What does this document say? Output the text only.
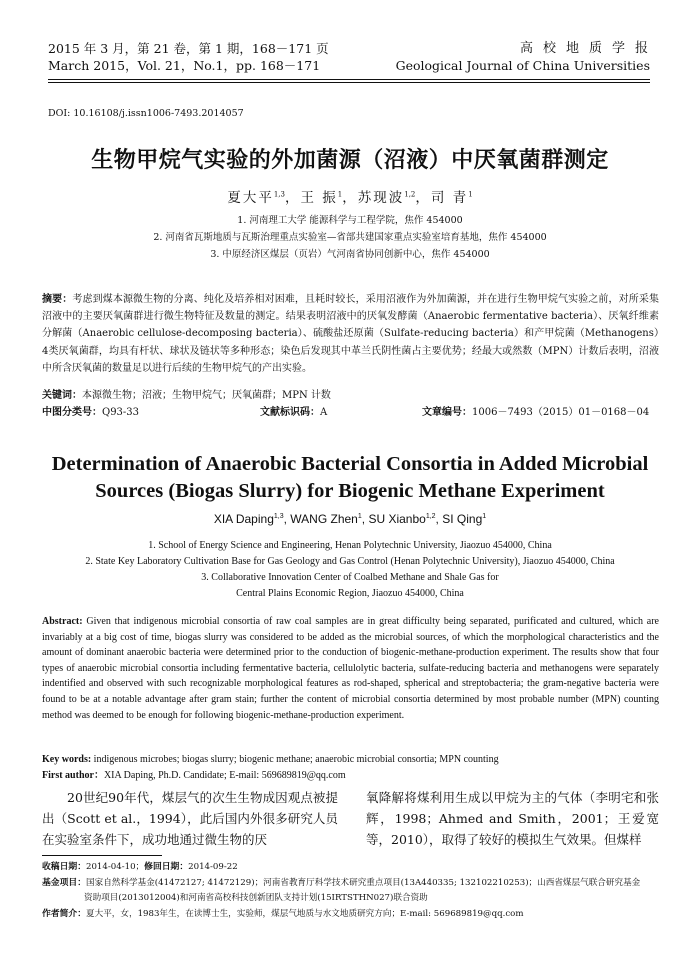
2015 年 3 月，第 21 卷，第 1 期，168－171 页
March 2015，Vol. 21，No.1，pp. 168－171
高校地质学报
Geological Journal of China Universities
DOI: 10.16108/j.issn1006-7493.2014057
生物甲烷气实验的外加菌源（沼液）中厌氧菌群测定
夏大平$^{1,3}$，王 振$^1$，苏现波$^{1,2}$，司 青$^1$
1. 河南理工大学 能源科学与工程学院，焦作 454000
2. 河南省瓦斯地质与瓦斯治理重点实验室—省部共建国家重点实验室培育基地，焦作 454000
3. 中原经济区煤层（页岩）气河南省协同创新中心，焦作 454000
摘要：考虑到煤本源微生物的分离、纯化及培养相对困难，且耗时较长，采用沼液作为外加菌源，并在进行生物甲烷气实验之前，对所采集沼液中的主要厌氧菌群进行微生物特征及数量的测定。结果表明沼液中的厌氧发酵菌（Anaerobic fermentative bacteria）、厌氧纤维素分解菌（Anaerobic cellulose-decomposing bacteria）、硫酸盐还原菌（Sulfate-reducing bacteria）和产甲烷菌（Methanogens）4类厌氧菌群，均具有杆状、球状及链状等多种形态；染色后发现其中革兰氏阴性菌占主要优势；经最大或然数（MPN）计数后表明，沼液中所含厌氧菌的数量足以进行后续的生物甲烷气的产出实验。
关键词：本源微生物；沼液；生物甲烷气；厌氧菌群；MPN 计数
中图分类号：Q93-33	文献标识码：A	文章编号：1006－7493（2015）01－0168－04
Determination of Anaerobic Bacterial Consortia in Added Microbial Sources (Biogas Slurry) for Biogenic Methane Experiment
XIA Daping$^{1,3}$, WANG Zhen$^1$, SU Xianbo$^{1,2}$, SI Qing$^1$
1. School of Energy Science and Engineering, Henan Polytechnic University, Jiaozuo 454000, China
2. State Key Laboratory Cultivation Base for Gas Geology and Gas Control (Henan Polytechnic University), Jiaozuo 454000, China
3. Collaborative Innovation Center of Coalbed Methane and Shale Gas for
Central Plains Economic Region, Jiaozuo 454000, China
Abstract: Given that indigenous microbial consortia of raw coal samples are in great difficulty being separated, purificated and cultured, which are invariably at a big cost of time, biogas slurry was considered to be added as the microbial sources, of which the morphological characteristics and the amount of dominant anaerobic bacteria were determined prior to the conduction of biogenic-methane-production experiment. The results show that four types of anaerobic microbial consortia including fermentative bacteria, cellulolytic bacteria, sulfate-reducing bacteria and methanogens were separately indentified and observed with such recognizable morphological features as rod-shaped, spherical and streptobacteria; the gram-negative bacteria were found to be at a notable advantage after gram stain; further the content of microbial consortia determined by most probable number (MPN) counting method was deemed to be enough for following biogenic-methane-production experiment.
Key words: indigenous microbes; biogas slurry; biogenic methane; anaerobic microbial consortia; MPN counting
First author：XIA Daping, Ph.D. Candidate; E-mail: 569689819@qq.com
20世纪90年代，煤层气的次生生物成因观点被提出（Scott et al.，1994），此后国内外很多研究人员在实验室条件下，成功地通过微生物的厌
氧降解将煤利用生成以甲烷为主的气体（李明宅和张辉，1998；Ahmed and Smith，2001；王爱宽等，2010），取得了较好的模拟生气效果。但煤样

收稿日期：2014-04-10；修回日期：2014-09-22

基金项目：国家自然科学基金(41472127; 41472129)；河南省教育厅科学技术研究重点项目(13A440335; 132102210253)；山西省煤层气联合研究基金

资助项目(2013012004)和河南省高校科技创新团队支持计划(15IRTSTHN027)联合资助

作者简介：夏大平，女，1983年生，在读博士生，实验师，煤层气地质与水文地质研究方向；E-mail: 569689819@qq.com
